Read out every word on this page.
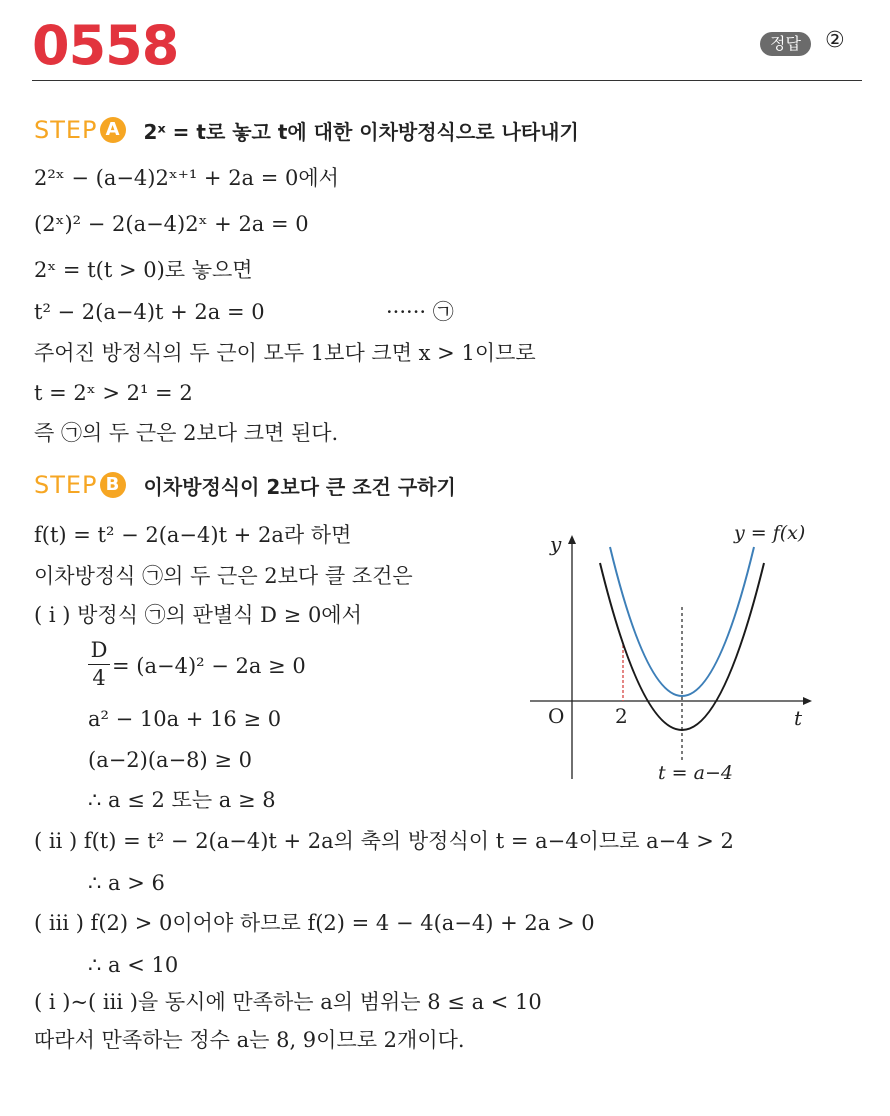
0558	정답	②
STEP A	2ˣ = t로 놓고 t에 대한 이차방정식으로 나타내기
2²ˣ − (a−4)2ˣ⁺¹ + 2a = 0에서
(2ˣ)² − 2(a−4)2ˣ + 2a = 0
2ˣ = t(t > 0)로 놓으면
t² − 2(a−4)t + 2a = 0	······ ㉠
주어진 방정식의 두 근이 모두 1보다 크면 x > 1이므로
t = 2ˣ > 2¹ = 2
즉 ㉠의 두 근은 2보다 크면 된다.
STEP B	이차방정식이 2보다 큰 조건 구하기
f(t) = t² − 2(a−4)t + 2a라 하면
이차방정식 ㉠의 두 근은 2보다 클 조건은
( ⅰ ) 방정식 ㉠의 판별식 D ≥ 0에서
$\frac{D}{4} = (a-4)^2 - 2a \ge 0$
a² − 10a + 16 ≥ 0
(a−2)(a−8) ≥ 0
∴ a ≤ 2 또는 a ≥ 8
( ⅱ ) f(t) = t² − 2(a−4)t + 2a의 축의 방정식이 t = a−4이므로 a−4 > 2
∴ a > 6
( ⅲ ) f(2) > 0이어야 하므로 f(2) = 4 − 4(a−4) + 2a > 0
∴ a < 10
( ⅰ )~( ⅲ )을 동시에 만족하는 a의 범위는 8 ≤ a < 10
따라서 만족하는 정수 a는 8, 9이므로 2개이다.
y
t
O	2
y = f(x)
t = a−4
